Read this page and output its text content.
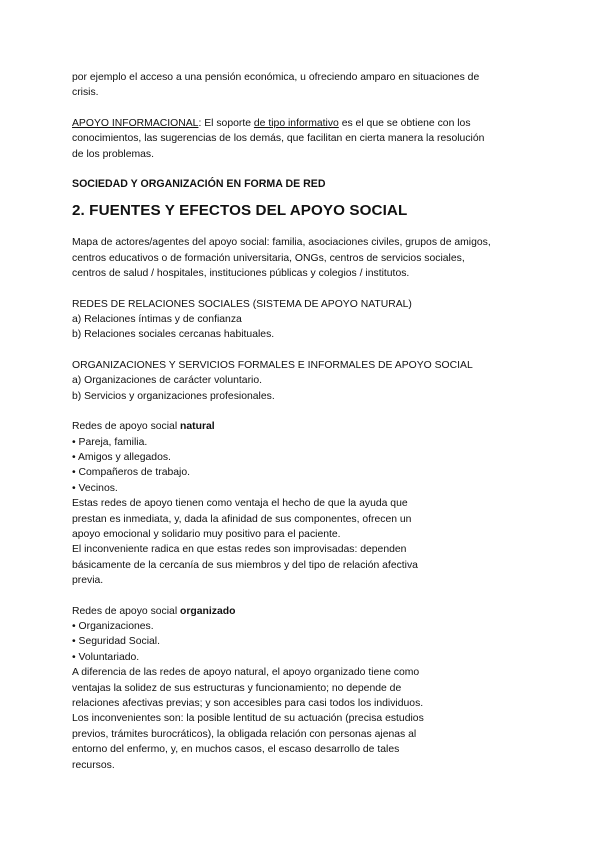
por ejemplo el acceso a una pensión económica, u ofreciendo amparo en situaciones de
crisis.

APOYO INFORMACIONAL: El soporte de tipo informativo es el que se obtiene con los
conocimientos, las sugerencias de los demás, que facilitan en cierta manera la resolución
de los problemas.

SOCIEDAD Y ORGANIZACIÓN EN FORMA DE RED

2. FUENTES Y EFECTOS DEL APOYO SOCIAL

Mapa de actores/agentes del apoyo social: familia, asociaciones civiles, grupos de amigos,
centros educativos o de formación universitaria, ONGs, centros de servicios sociales,
centros de salud / hospitales, instituciones públicas y colegios / institutos.

REDES DE RELACIONES SOCIALES (SISTEMA DE APOYO NATURAL)
a) Relaciones íntimas y de confianza
b) Relaciones sociales cercanas habituales.

ORGANIZACIONES Y SERVICIOS FORMALES E INFORMALES DE APOYO SOCIAL
a) Organizaciones de carácter voluntario.
b) Servicios y organizaciones profesionales.

Redes de apoyo social natural
• Pareja, familia.
• Amigos y allegados.
• Compañeros de trabajo.
• Vecinos.
Estas redes de apoyo tienen como ventaja el hecho de que la ayuda que
prestan es inmediata, y, dada la afinidad de sus componentes, ofrecen un
apoyo emocional y solidario muy positivo para el paciente.
El inconveniente radica en que estas redes son improvisadas: dependen
básicamente de la cercanía de sus miembros y del tipo de relación afectiva
previa.

Redes de apoyo social organizado
• Organizaciones.
• Seguridad Social.
• Voluntariado.
A diferencia de las redes de apoyo natural, el apoyo organizado tiene como
ventajas la solidez de sus estructuras y funcionamiento; no depende de
relaciones afectivas previas; y son accesibles para casi todos los individuos.
Los inconvenientes son: la posible lentitud de su actuación (precisa estudios
previos, trámites burocráticos), la obligada relación con personas ajenas al
entorno del enfermo, y, en muchos casos, el escaso desarrollo de tales
recursos.
